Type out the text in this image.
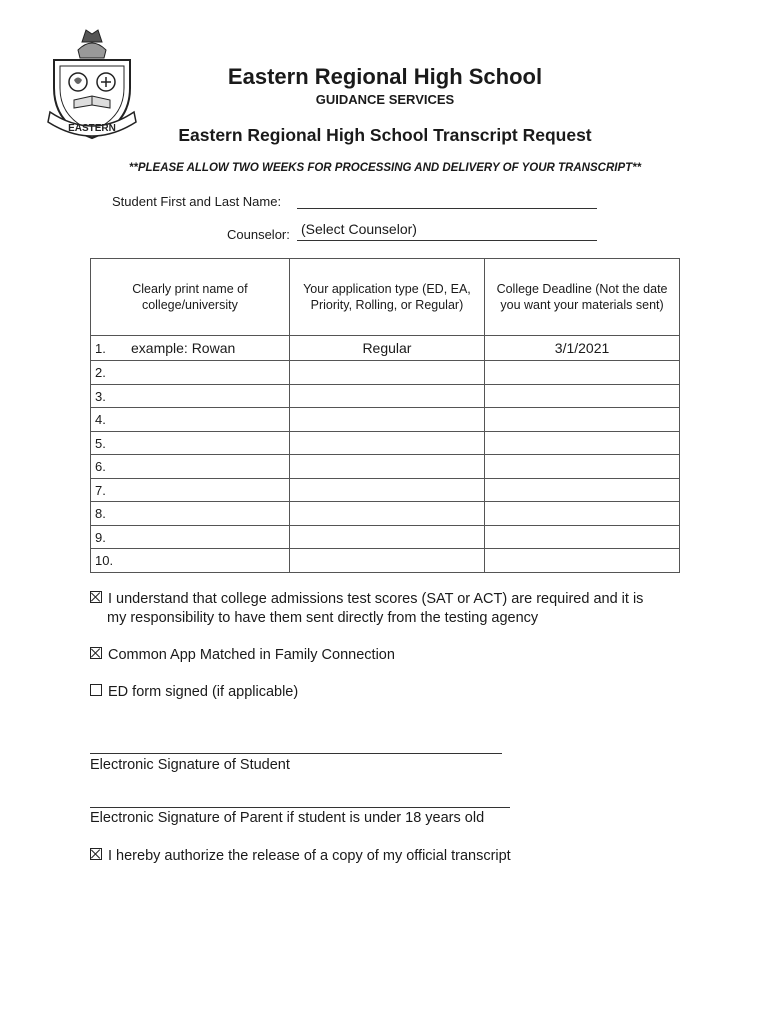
EASTERN
Eastern Regional High School
GUIDANCE SERVICES
Eastern Regional High School Transcript Request
**PLEASE ALLOW TWO WEEKS FOR PROCESSING AND DELIVERY OF YOUR TRANSCRIPT**
Student First and Last Name:
Counselor: (Select Counselor)
Clearly print name of college/university	Your application type (ED, EA, Priority, Rolling, or Regular)	College Deadline (Not the date you want your materials sent)
1. example: Rowan	Regular	3/1/2021
2.		
3.		
4.		
5.		
6.		
7.		
8.		
9.		
10.		
I understand that college admissions test scores (SAT or ACT) are required and it is
my responsibility to have them sent directly from the testing agency
Common App Matched in Family Connection
ED form signed (if applicable)
Electronic Signature of Student
Electronic Signature of Parent if student is under 18 years old
I hereby authorize the release of a copy of my official transcript
